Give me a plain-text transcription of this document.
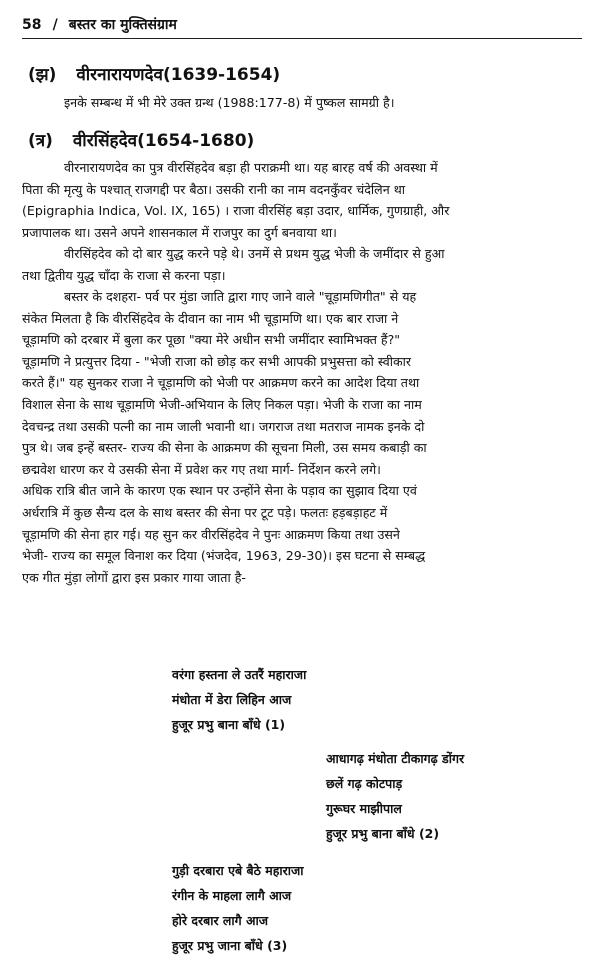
58 / बस्तर का मुक्तिसंग्राम
(झ) वीरनारायणदेव(1639-1654)
इनके सम्बन्ध में भी मेरे उक्त ग्रन्थ (1988:177-8) में पुष्कल सामग्री है।
(त्र) वीरसिंहदेव(1654-1680)
वीरनारायणदेव का पुत्र वीरसिंहदेव बड़ा ही पराक्रमी था। यह बारह वर्ष की अवस्था में
पिता की मृत्यु के पश्चात् राजगद्दी पर बैठा। उसकी रानी का नाम वदनकुँवर चंदेलिन था
(Epigraphia Indica, Vol. IX, 165) । राजा वीरसिंह बड़ा उदार, धार्मिक, गुणग्राही, और
प्रजापालक था। उसने अपने शासनकाल में राजपुर का दुर्ग बनवाया था।
वीरसिंहदेव को दो बार युद्ध करने पड़े थे। उनमें से प्रथम युद्ध भेजी के जमींदार से हुआ
तथा द्वितीय युद्ध चाँदा के राजा से करना पड़ा।
बस्तर के दशहरा- पर्व पर मुंडा जाति द्वारा गाए जाने वाले "चूड़ामणिगीत" से यह
संकेत मिलता है कि वीरसिंहदेव के दीवान का नाम भी चूड़ामणि था। एक बार राजा ने
चूड़ामणि को दरबार में बुला कर पूछा "क्या मेरे अधीन सभी जमींदार स्वामिभक्त हैं?"
चूड़ामणि ने प्रत्युत्तर दिया - "भेजी राजा को छोड़ कर सभी आपकी प्रभुसत्ता को स्वीकार
करते हैं।" यह सुनकर राजा ने चूड़ामणि को भेजी पर आक्रमण करने का आदेश दिया तथा
विशाल सेना के साथ चूड़ामणि भेजी-अभियान के लिए निकल पड़ा। भेजी के राजा का नाम
देवचन्द्र तथा उसकी पत्नी का नाम जाली भवानी था। जगराज तथा मतराज नामक इनके दो
पुत्र थे। जब इन्हें बस्तर- राज्य की सेना के आक्रमण की सूचना मिली, उस समय कबाड़ी का
छद्मवेश धारण कर ये उसकी सेना में प्रवेश कर गए तथा मार्ग- निर्देशन करने लगे।
अधिक रात्रि बीत जाने के कारण एक स्थान पर उन्होंने सेना के पड़ाव का सुझाव दिया एवं
अर्धरात्रि में कुछ सैन्य दल के साथ बस्तर की सेना पर टूट पड़े। फलतः हड़बड़ाहट में
चूड़ामणि की सेना हार गई। यह सुन कर वीरसिंहदेव ने पुनः आक्रमण किया तथा उसने
भेजी- राज्य का समूल विनाश कर दिया (भंजदेव, 1963, 29-30)। इस घटना से सम्बद्ध
एक गीत मुंड़ा लोगों द्वारा इस प्रकार गाया जाता है-
वरंगा हस्तना ले उतरैं महाराजा
मंधोता में डेरा लिहिन आज
हुजूर प्रभु बाना बाँधे (1)
आधागढ़ मंधोता टीकागढ़ डोंगर
छलें गढ़ कोटपाड़
गुरूघर माझीपाल
हुजूर प्रभु बाना बाँधे (2)
गुड़ी दरबारा एबे बैठे महाराजा
रंगीन के माहला लागै आज
होरे दरबार लागै आज
हुजूर प्रभु जाना बाँधे (3)
